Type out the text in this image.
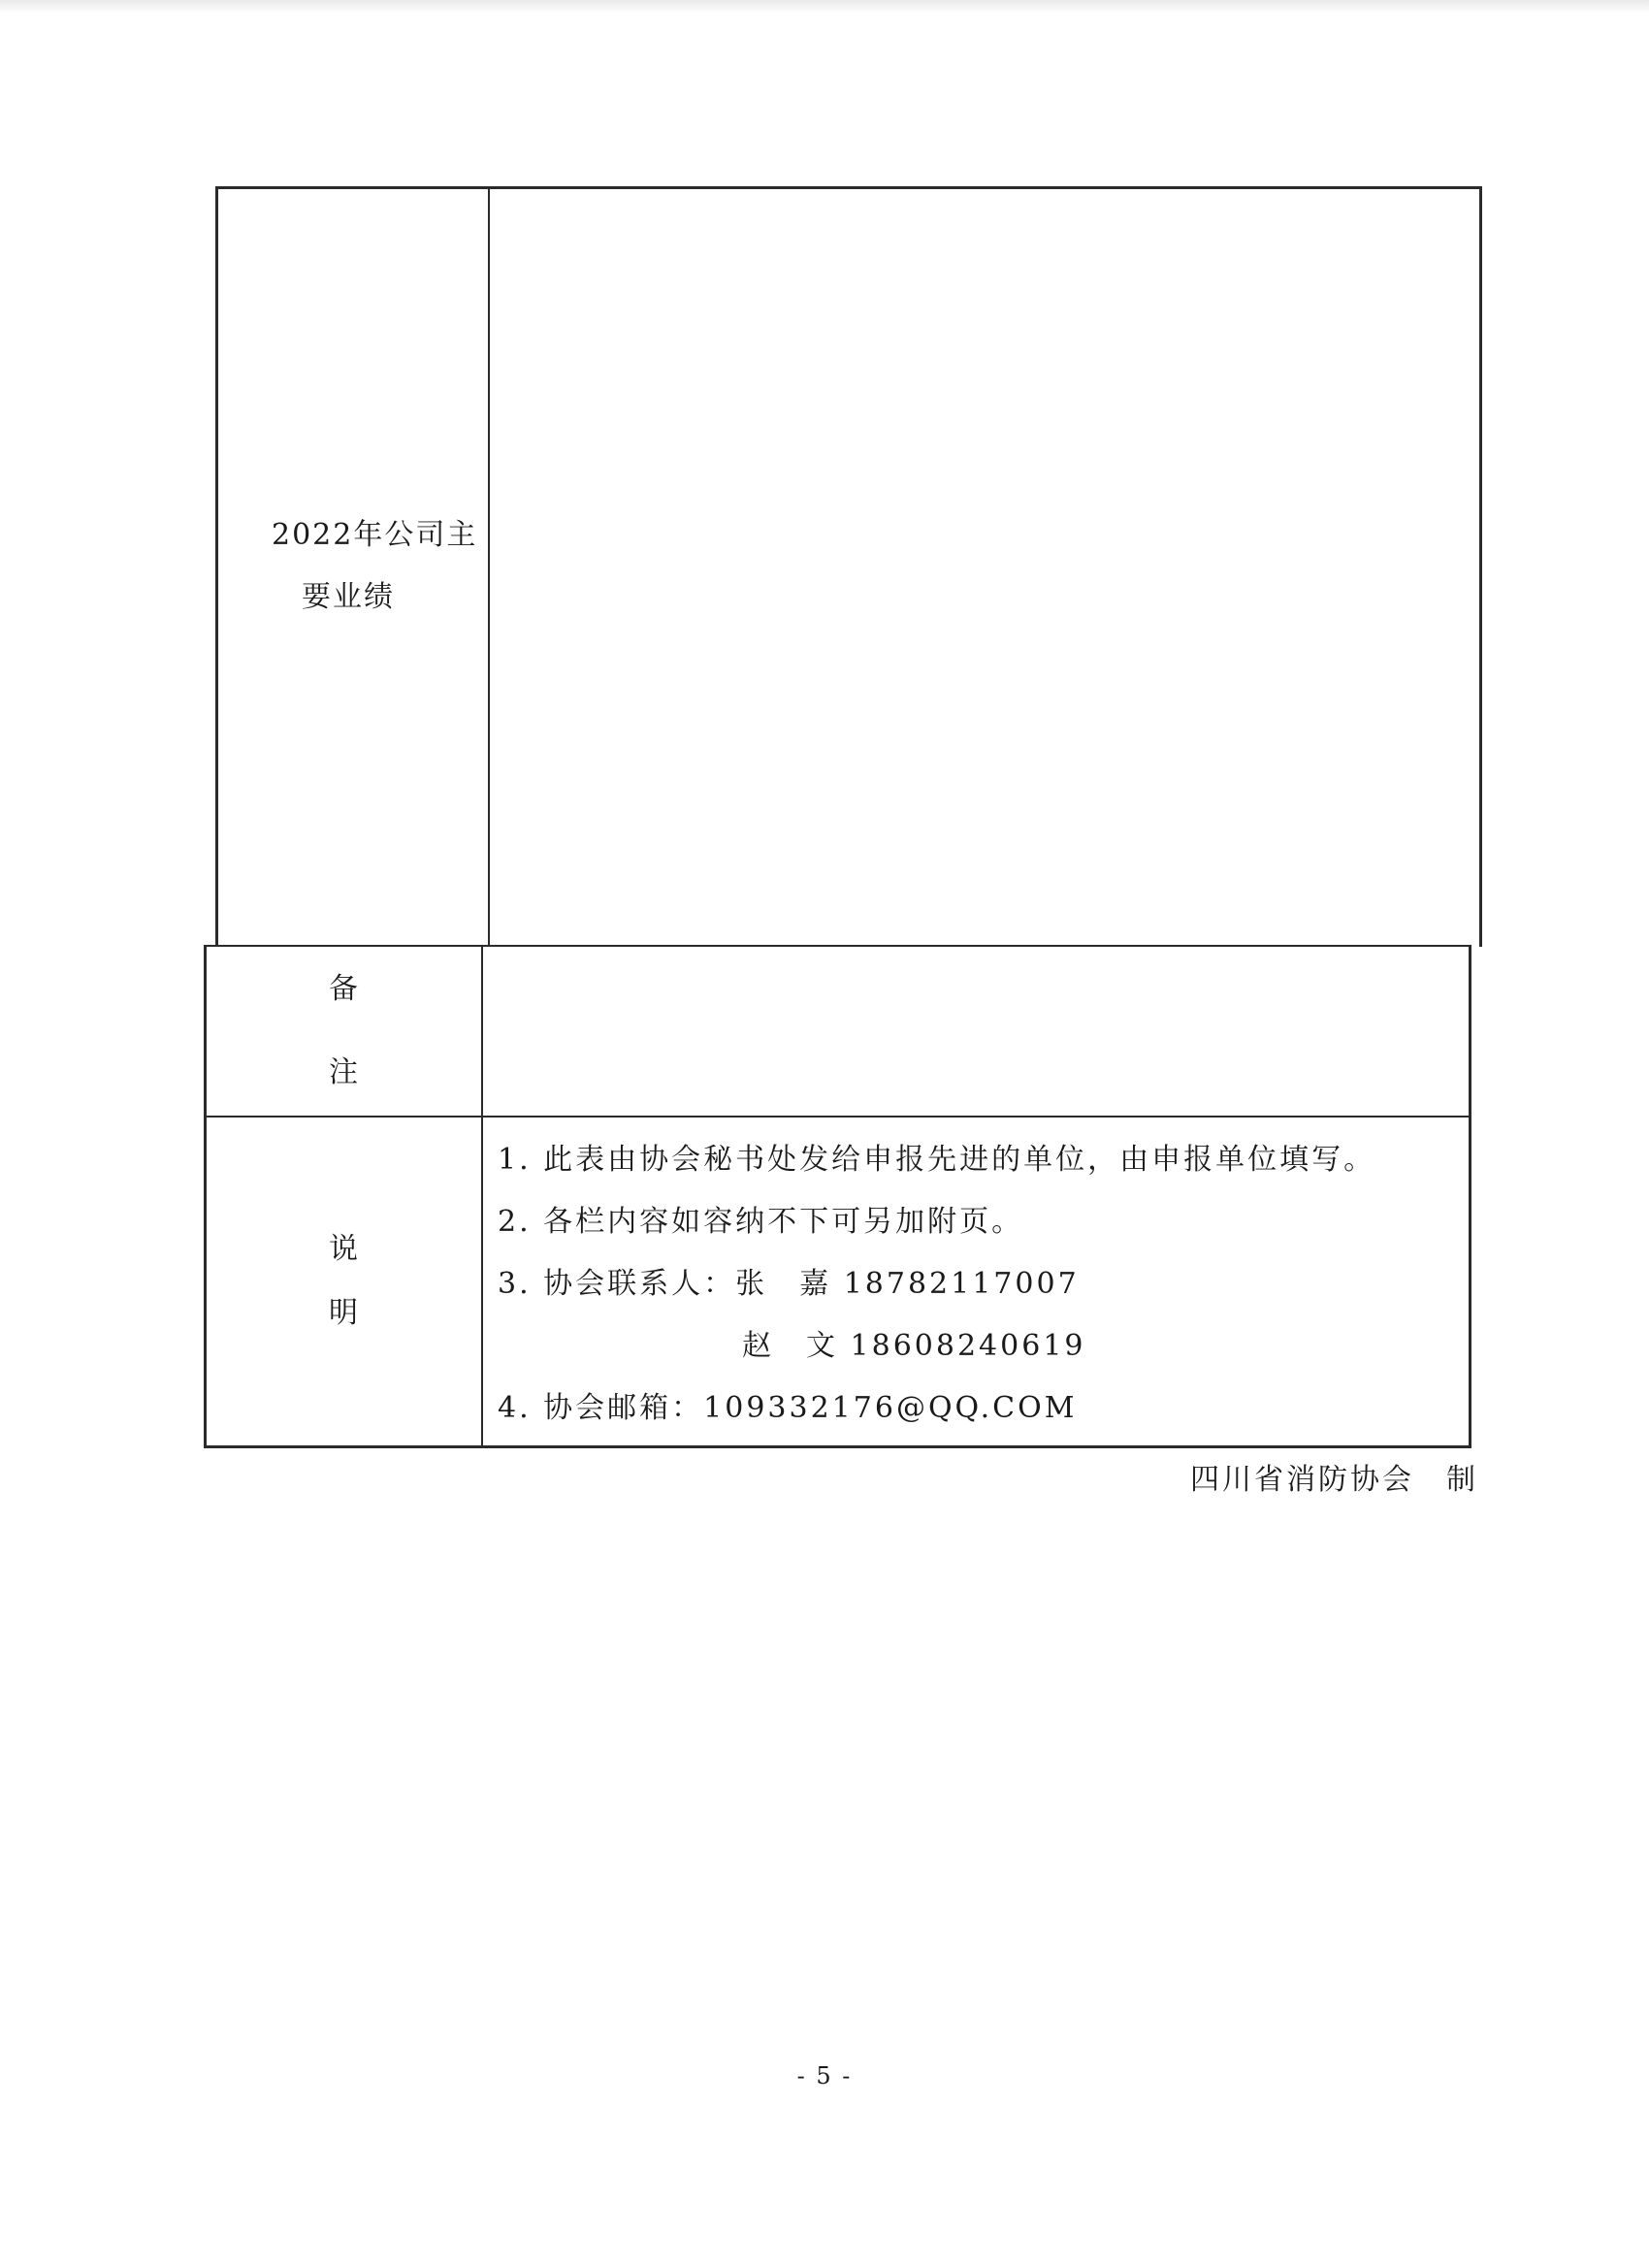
2022年公司主
要业绩
备
注
说
明
1. 此表由协会秘书处发给申报先进的单位，由申报单位填写。
2. 各栏内容如容纳不下可另加附页。
3. 协会联系人：张　嘉 18782117007
赵　文 18608240619
4. 协会邮箱：109332176@QQ.COM
四川省消防协会　制
- 5 -
